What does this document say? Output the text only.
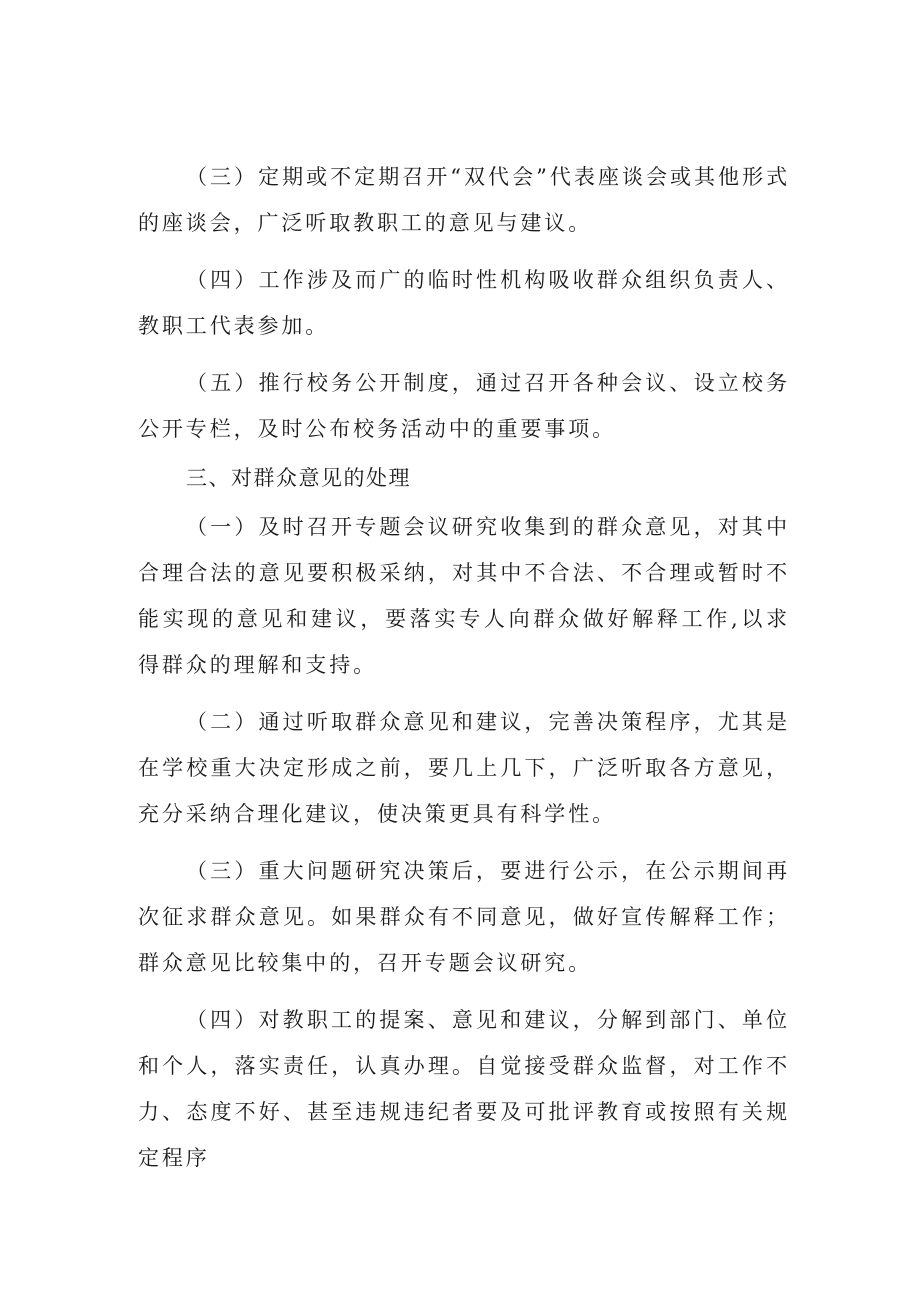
（三）定期或不定期召开“双代会”代表座谈会或其他形式的座谈会，广泛听取教职工的意见与建议。

（四）工作涉及而广的临时性机构吸收群众组织负责人、教职工代表参加。

（五）推行校务公开制度，通过召开各种会议、设立校务公开专栏，及时公布校务活动中的重要事项。

三、对群众意见的处理

（一）及时召开专题会议研究收集到的群众意见，对其中合理合法的意见要积极采纳，对其中不合法、不合理或暂时不能实现的意见和建议，要落实专人向群众做好解释工作,以求得群众的理解和支持。

（二）通过听取群众意见和建议，完善决策程序，尤其是在学校重大决定形成之前，要几上几下，广泛听取各方意见，充分采纳合理化建议，使决策更具有科学性。

（三）重大问题研究决策后，要进行公示，在公示期间再次征求群众意见。如果群众有不同意见，做好宣传解释工作；群众意见比较集中的，召开专题会议研究。

（四）对教职工的提案、意见和建议，分解到部门、单位和个人，落实责任，认真办理。自觉接受群众监督，对工作不力、态度不好、甚至违规违纪者要及可批评教育或按照有关规定程序
